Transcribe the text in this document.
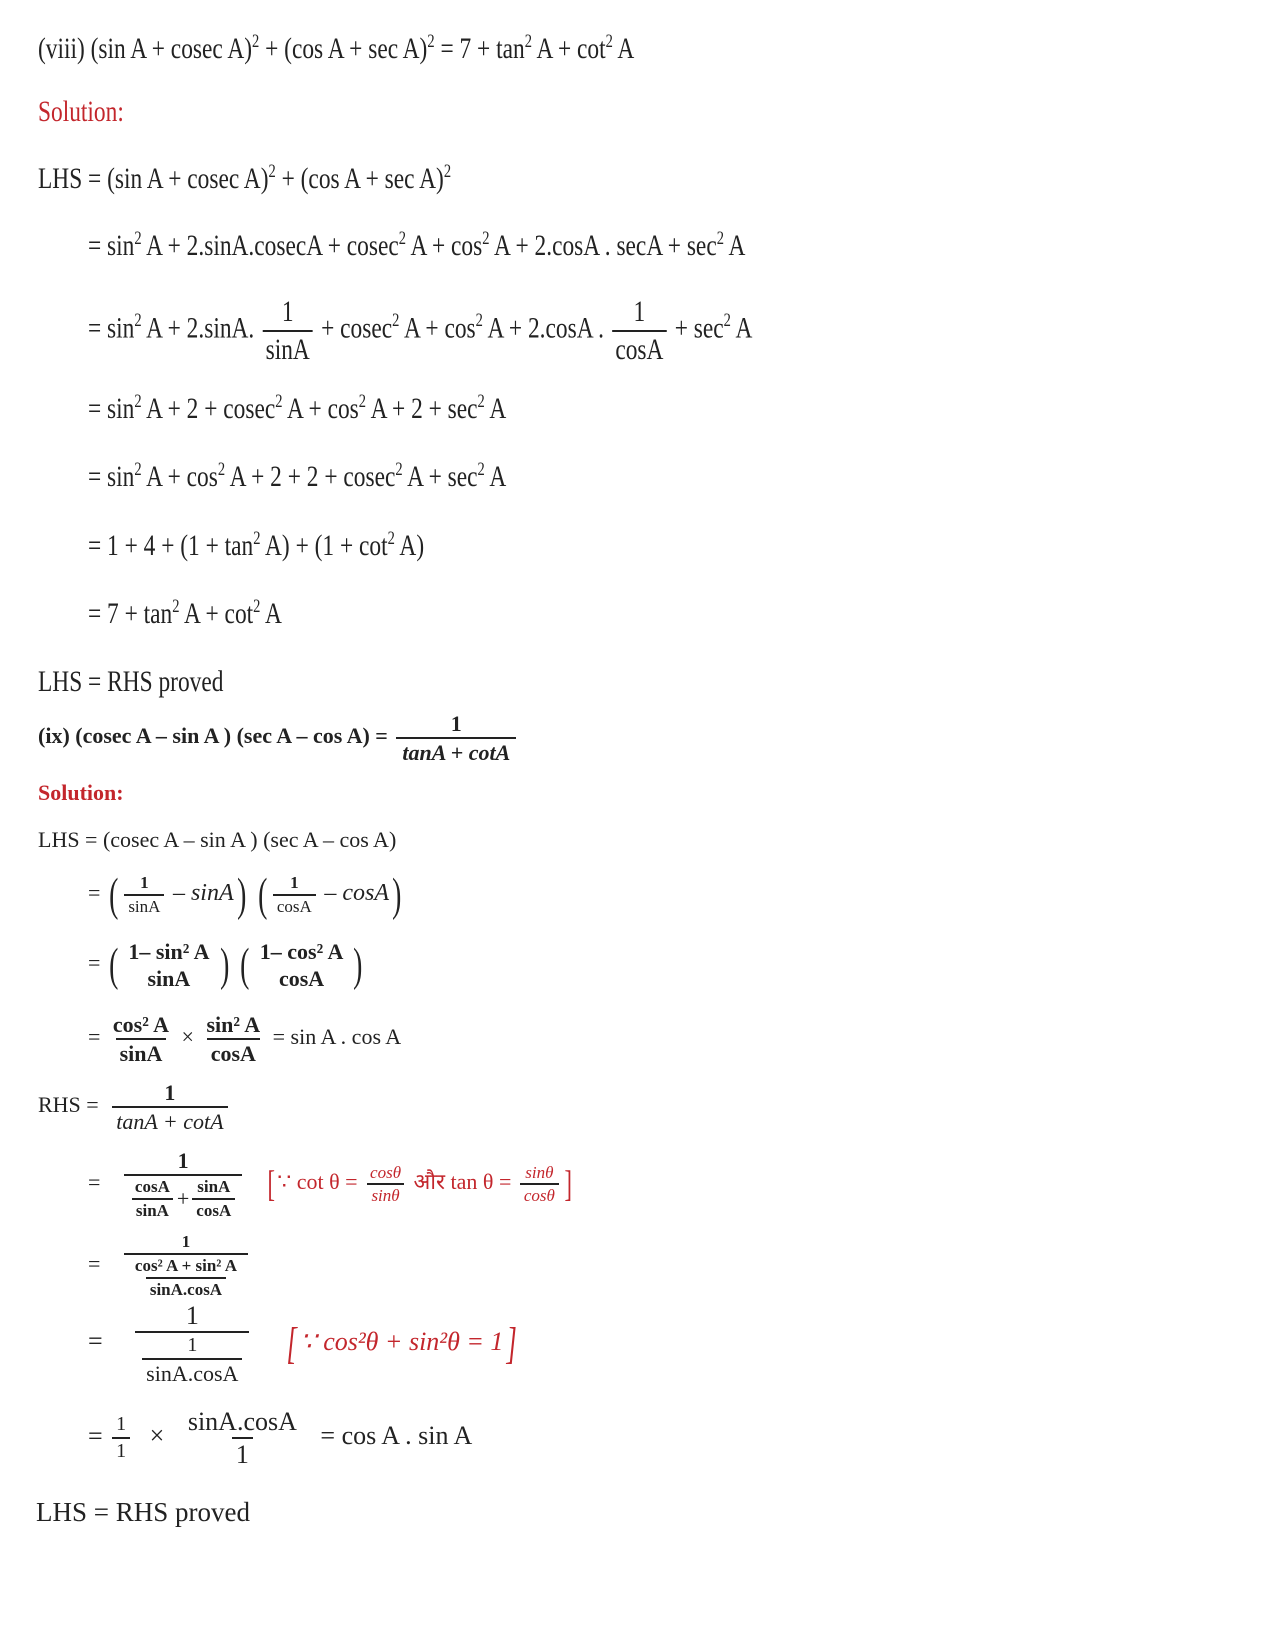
(viii) (sin A + cosec A)$^2$ + (cos $A + \sec A)^2 = 7 + \tan^2 A + \cot^2 A$
Solution:
LHS = (sin A + cosec A)$^2$ + (cos A + sec A)$^2$
= $\sin^2 A + 2.\sin A.cosecA + cosec^2$ $A + \cos^2 A + 2.\cos A$ . $\sec A + \sec^2 A$
= $\sin^2 A + 2.\sin A$. $\frac{1}{\sin A} + cosec^2$ $A + \cos^2 A + 2.\cos A$ . $\frac{1}{\cos A} + \sec^2 A$
= $\sin^2 A + 2 + cosec^2$ $A + \cos^2 A + 2 + \sec^2 A$
= $\sin^2 A + \cos^2 A + 2 + 2 + cosec^2$ $A + \sec^2 A$
= $1 + 4 + (1 + \tan^2 A) + (1 + \cot^2 A)$
= $7 + \tan^2 A + \cot^2 A$
LHS = RHS proved
(ix) (cosec A – sin A ) (sec $A - \cos A) = \frac{1}{\tan A + \cot A}$
Solution:
LHS = (cosec A – sin A ) (sec A – cos A)
= ( $\frac{1}{\sin A} - \sin A$) ( $\frac{1}{\cos A} - \cos A$)
= ( 1– sin² A
sinA ) ( 1– cos² A
cosA )
= $\frac{\text{cos² A}}{\sin A} \times \frac{\text{sin² A}}{\cos A} = \sin A$ . cos A
RHS = $\frac{1}{\tan A + \cot A}$
= $\frac{1}{\frac{\cos A}{\sin A} + \frac{\sin A}{\cos A}}$ [ ∵ $\cot \theta = \frac{\cos\theta}{\sin\theta}$ और $\tan \theta = \frac{\sin\theta}{\cos\theta}$ ]
= $\frac{1}{\frac{\text{cos² A + sin² A}}{\sin A.\cos A}}$
= $\frac{1}{\frac{1}{\sin A.\cos A}}$ [ ∵ cos²θ + sin²θ = 1]
= $\frac{1}{1} \times \frac{\sin A.\cos A}{1} = \cos A$ . sin A
LHS = RHS proved
